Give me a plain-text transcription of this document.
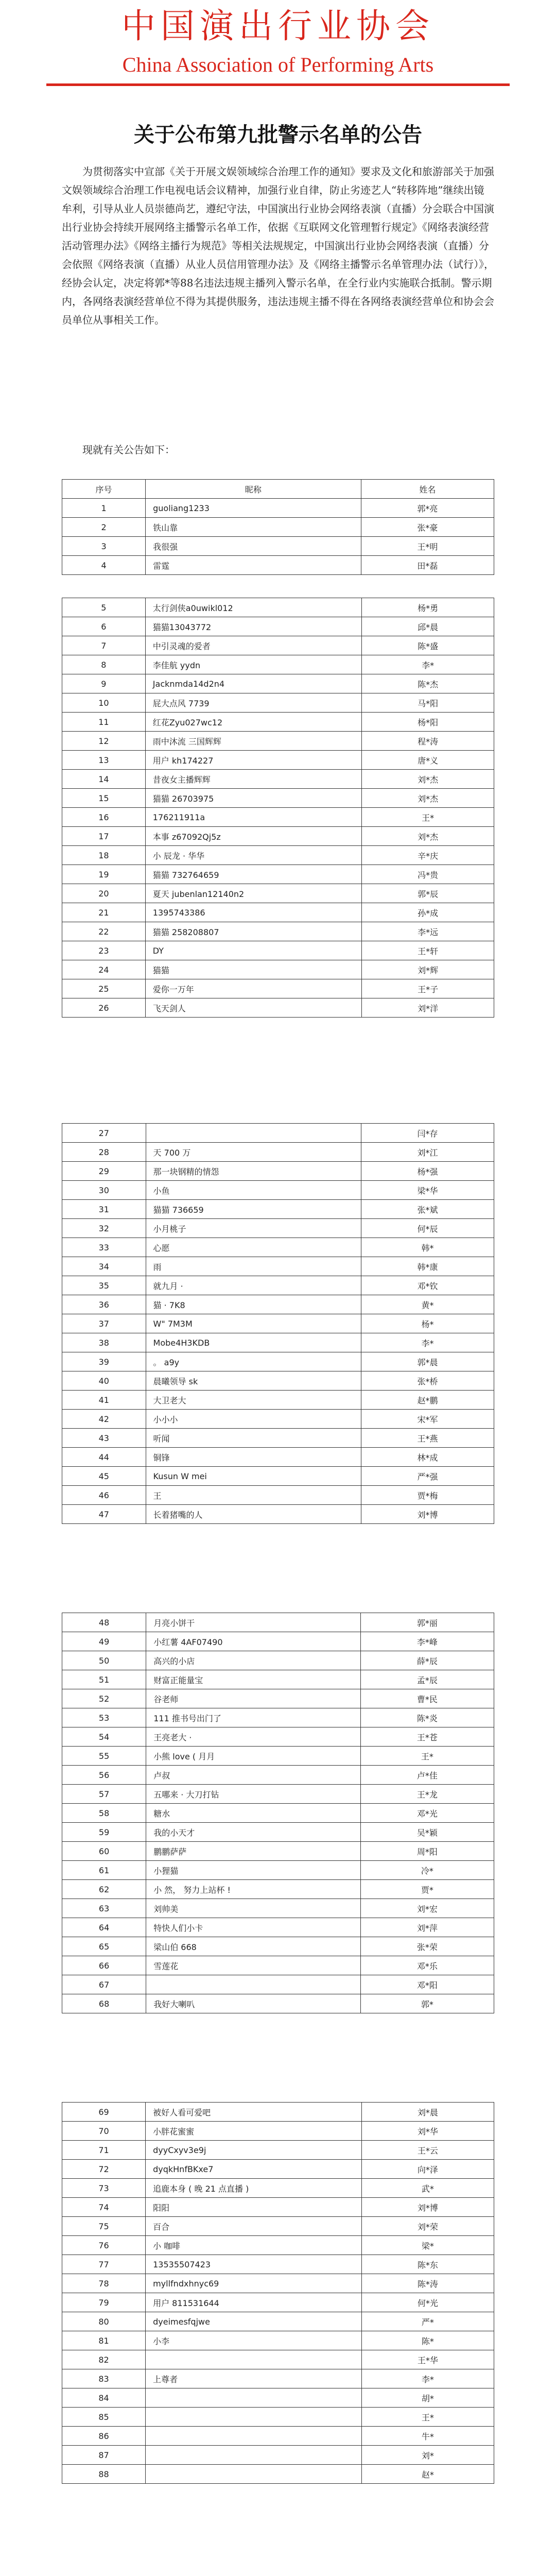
中国演出行业协会
China Association of Performing Arts
关于公布第九批警示名单的公告
为贯彻落实中宣部《关于开展文娱领域综合治理工作的通知》要求及文化和旅游部关于加强文娱领域综合治理工作电视电话会议精神，加强行业自律，防止劣迹艺人“转移阵地”继续出镜牟利，引导从业人员崇德尚艺，遵纪守法，中国演出行业协会网络表演（直播）分会联合中国演出行业协会持续开展网络主播警示名单工作，依据《互联网文化管理暂行规定》《网络表演经营活动管理办法》《网络主播行为规范》等相关法规规定，中国演出行业协会网络表演（直播）分会依照《网络表演（直播）从业人员信用管理办法》及《网络主播警示名单管理办法（试行）》，经协会认定，决定将郭*等88名违法违规主播列入警示名单，在全行业内实施联合抵制。警示期内，各网络表演经营单位不得为其提供服务，违法违规主播不得在各网络表演经营单位和协会会员单位从事相关工作。
现就有关公告如下：
序号	昵称	姓名
1	guoliang1233	郭*亮
2	铁山靠	张*豪
3	我很强	王*明
4	雷霆	田*磊
5	太行剑侠a0uwikl012	杨*勇
6	猫猫13043772	邱*晨
7	中引灵魂的爱者	陈*盛
8	李佳航 yydn	李*
9	Jacknmda14d2n4	陈*杰
10	屁大点风 7739	马*阳
11	红花Zyu027wc12	杨*阳
12	雨中沐流 三国辉辉	程*涛
13	用户 kh174227	唐*义
14	昔夜女主播辉辉	刘*杰
15	猫猫 26703975	刘*杰
16	176211911a	王*
17	本事 z67092Qj5z	刘*杰
18	小 辰龙 · 华华	辛*庆
19	猫猫 732764659	冯*贵
20	夏天 jubenlan12140n2	郭*辰
21	1395743386	孙*成
22	猫猫 258208807	李*远
23	DY	王*轩
24	猫猫	刘*辉
25	爱你一万年	王*子
26	飞天剑人	刘*洋
27		闫*存
28	天 700 万	刘*江
29	那一块钢精的情怨	杨*强
30	小鱼	梁*华
31	猫猫 736659	张*斌
32	小月桃子	何*辰
33	心愿	韩*
34	雨	韩*康
35	就九月 ·	邓*钦
36	猫 · 7K8	黄*
37	W" 7M3M	杨*
38	Mobe4H3KDB	李*
39	。 a9y	郭*晨
40	晨曦领导 sk	张*桥
41	大卫老大	赵*鹏
42	小小小	宋*军
43	听闻	王*燕
44	铜锋	林*成
45	Kusun W mei	严*强
46	王	贾*梅
47	长着猪嘴的人	刘*博
48	月亮小饼干	郭*丽
49	小红薯 4AF07490	李*峰
50	高兴的小店	薛*辰
51	财富正能量宝	孟*辰
52	谷老师	曹*民
53	111 推书号出门了	陈*炎
54	王亮老大 ·	王*苍
55	小熊 love ( 月月	王*
56	卢叔	卢*佳
57	五哪来 · 大刀打钻	王*龙
58	糖水	邓*光
59	我的小天才	吴*颖
60	鹏鹏萨萨	周*阳
61	小狸猫	冷*
62	小 然， 努力上站杯 !	贾*
63	刘帅美	刘*宏
64	特快人们小卡	刘*萍
65	梁山伯 668	张*荣
66	雪莲花	邓*乐
67		邓*阳
68	我好大喇叭	郭*
69	被好人看可爱吧	刘*晨
70	小胖花蜜蜜	刘*华
71	dyyCxyv3e9j	王*云
72	dyqkHnfBKxe7	向*泽
73	追鹿本身 ( 晚 21 点直播 )	武*
74	阳阳	刘*博
75	百合	刘*荣
76	小 咖啡	梁*
77	13535507423	陈*东
78	myllfndxhnyc69	陈*涛
79	用户 811531644	何*光
80	dyeimesfqjwe	严*
81	小李	陈*
82		王*华
83	上尊者	李*
84		胡*
85		王*
86		牛*
87		刘*
88		赵*
